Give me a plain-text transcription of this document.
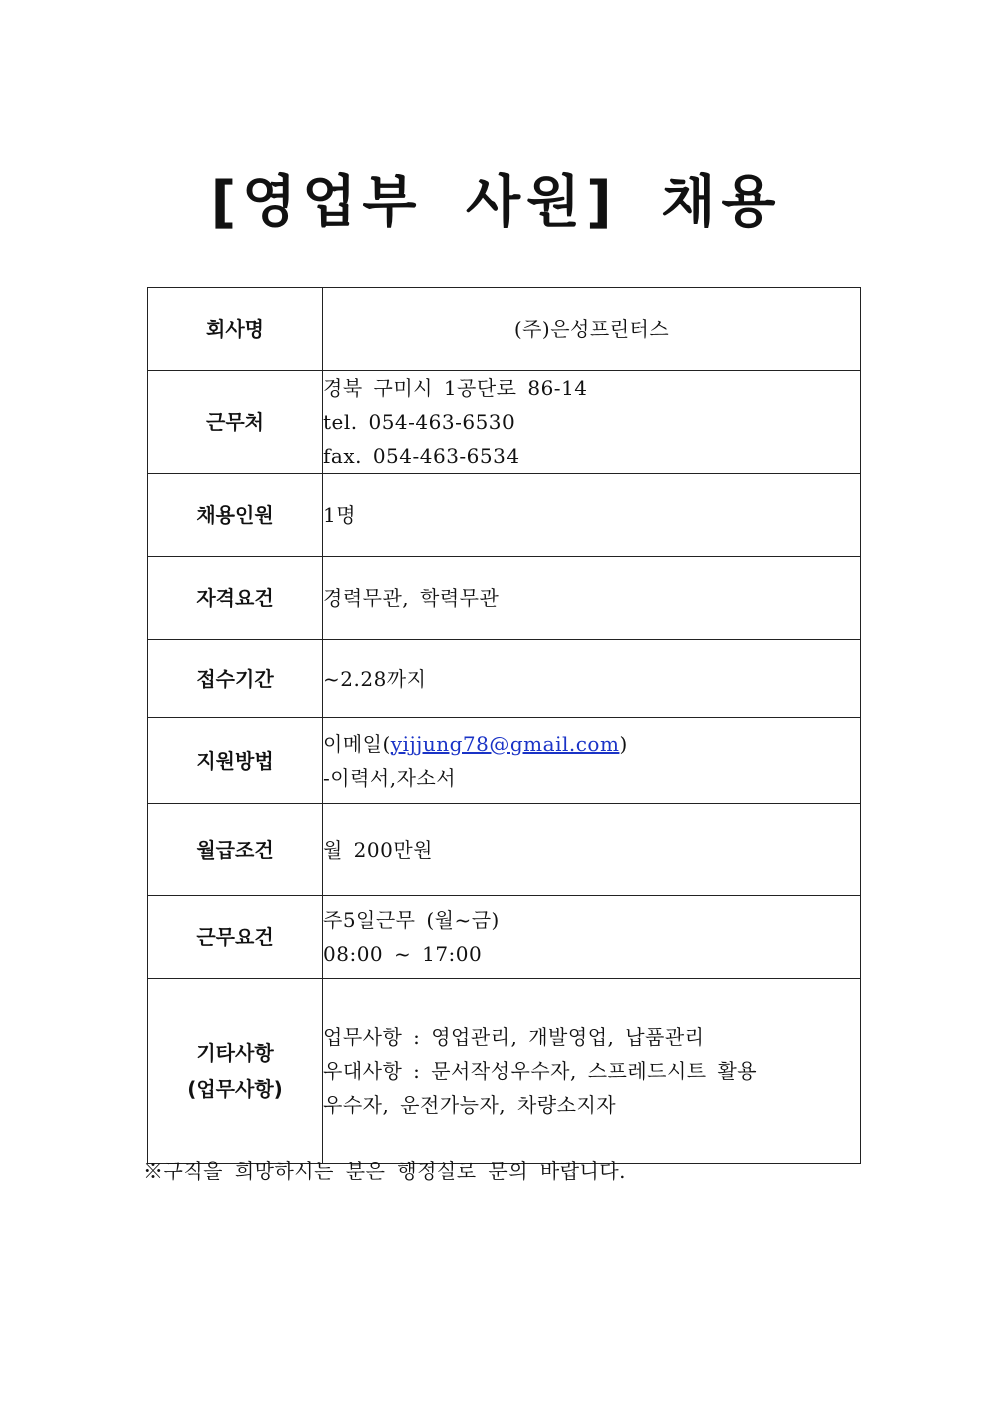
[영업부 사원] 채용
회사명	(주)은성프린터스
근무처	경북 구미시 1공단로 86-14
tel. 054-463-6530
fax. 054-463-6534

채용인원	1명
자격요건	경력무관, 학력무관
접수기간	~2.28까지
지원방법	이메일(yijjung78@gmail.com)
-이력서,자소서

월급조건	월 200만원
근무요건	주5일근무 (월~금)
08:00 ~ 17:00

기타사항
(업무사항)	업무사항 : 영업관리, 개발영업, 납품관리
우대사항 : 문서작성우수자, 스프레드시트 활용
우수자, 운전가능자, 차량소지자
※구직을 희망하시는 분은 행정실로 문의 바랍니다.
